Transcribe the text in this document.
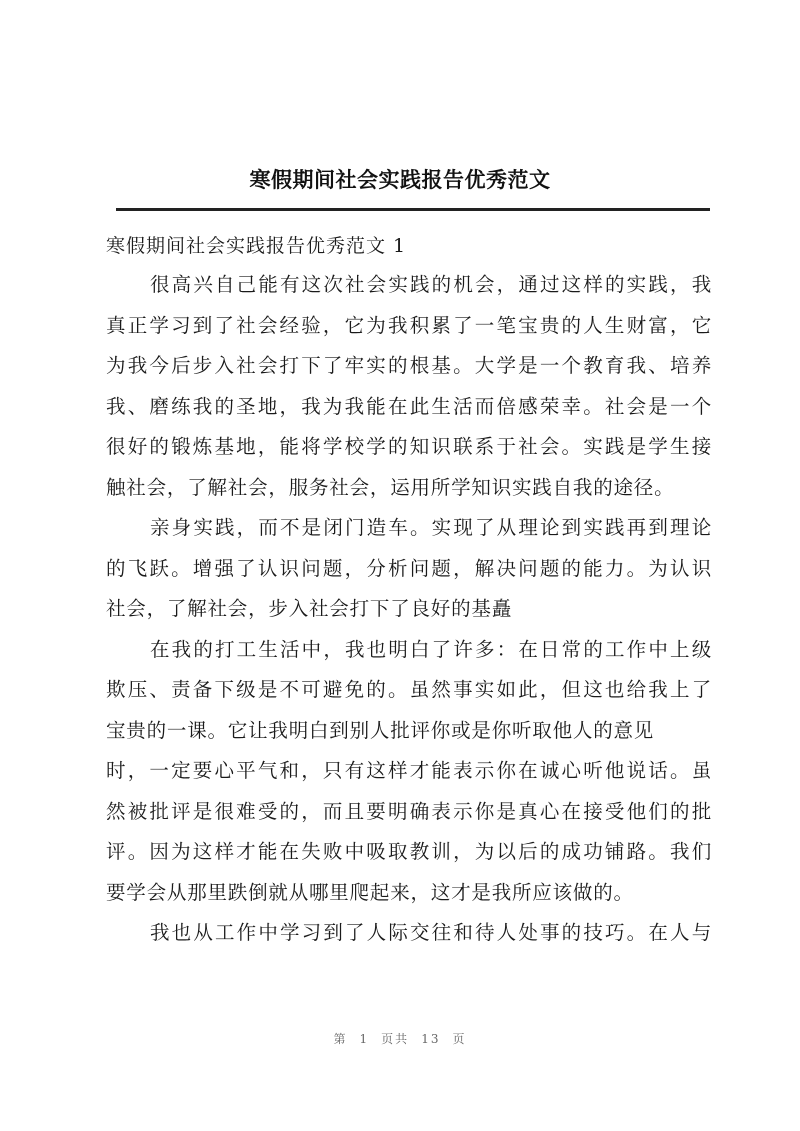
寒假期间社会实践报告优秀范文

寒假期间社会实践报告优秀范文 1

很高兴自己能有这次社会实践的机会，通过这样的实践，我
真正学习到了社会经验，它为我积累了一笔宝贵的人生财富，它
为我今后步入社会打下了牢实的根基。大学是一个教育我、培养
我、磨练我的圣地，我为我能在此生活而倍感荣幸。社会是一个
很好的锻炼基地，能将学校学的知识联系于社会。实践是学生接
触社会，了解社会，服务社会，运用所学知识实践自我的途径。
亲身实践，而不是闭门造车。实现了从理论到实践再到理论
的飞跃。增强了认识问题，分析问题，解决问题的能力。为认识
社会，了解社会，步入社会打下了良好的基矗
在我的打工生活中，我也明白了许多：在日常的工作中上级
欺压、责备下级是不可避免的。虽然事实如此，但这也给我上了
宝贵的一课。它让我明白到别人批评你或是你听取他人的意见
时，一定要心平气和，只有这样才能表示你在诚心听他说话。虽
然被批评是很难受的，而且要明确表示你是真心在接受他们的批
评。因为这样才能在失败中吸取教训，为以后的成功铺路。我们
要学会从那里跌倒就从哪里爬起来，这才是我所应该做的。
我也从工作中学习到了人际交往和待人处事的技巧。在人与
第 1 页共 13 页
